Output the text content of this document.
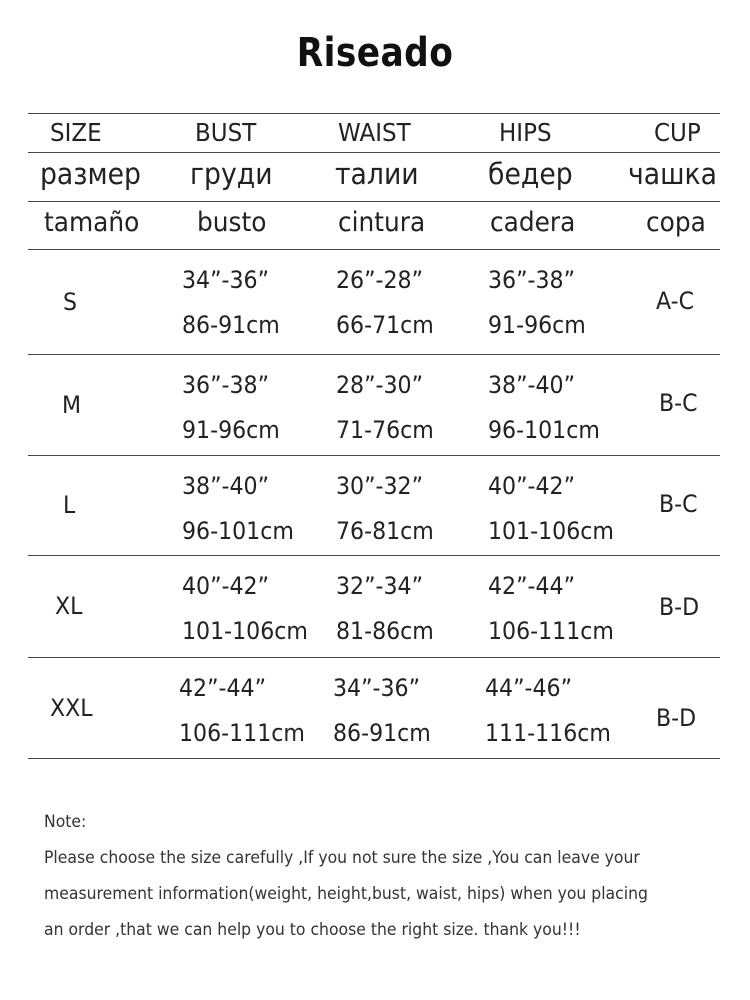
Riseado
SIZE
размер
tamaño
BUST
груди
busto
WAIST
талии
cintura
HIPS
бедер
cadera
CUP
чашка
copa
S
34”-36”
86-91cm
26”-28”
66-71cm
36”-38”
91-96cm
A-C
M
36”-38”
91-96cm
28”-30”
71-76cm
38”-40”
96-101cm
B-C
L
38”-40”
96-101cm
30”-32”
76-81cm
40”-42”
101-106cm
B-C
XL
40”-42”
101-106cm
32”-34”
81-86cm
42”-44”
106-111cm
B-D
XXL
42”-44”
106-111cm
34”-36”
86-91cm
44”-46”
111-116cm
B-D
Note:
Please choose the size carefully ,If you not sure the size ,You can leave your
measurement information(weight, height,bust, waist, hips) when you placing
an order ,that we can help you to choose the right size. thank you!!!
